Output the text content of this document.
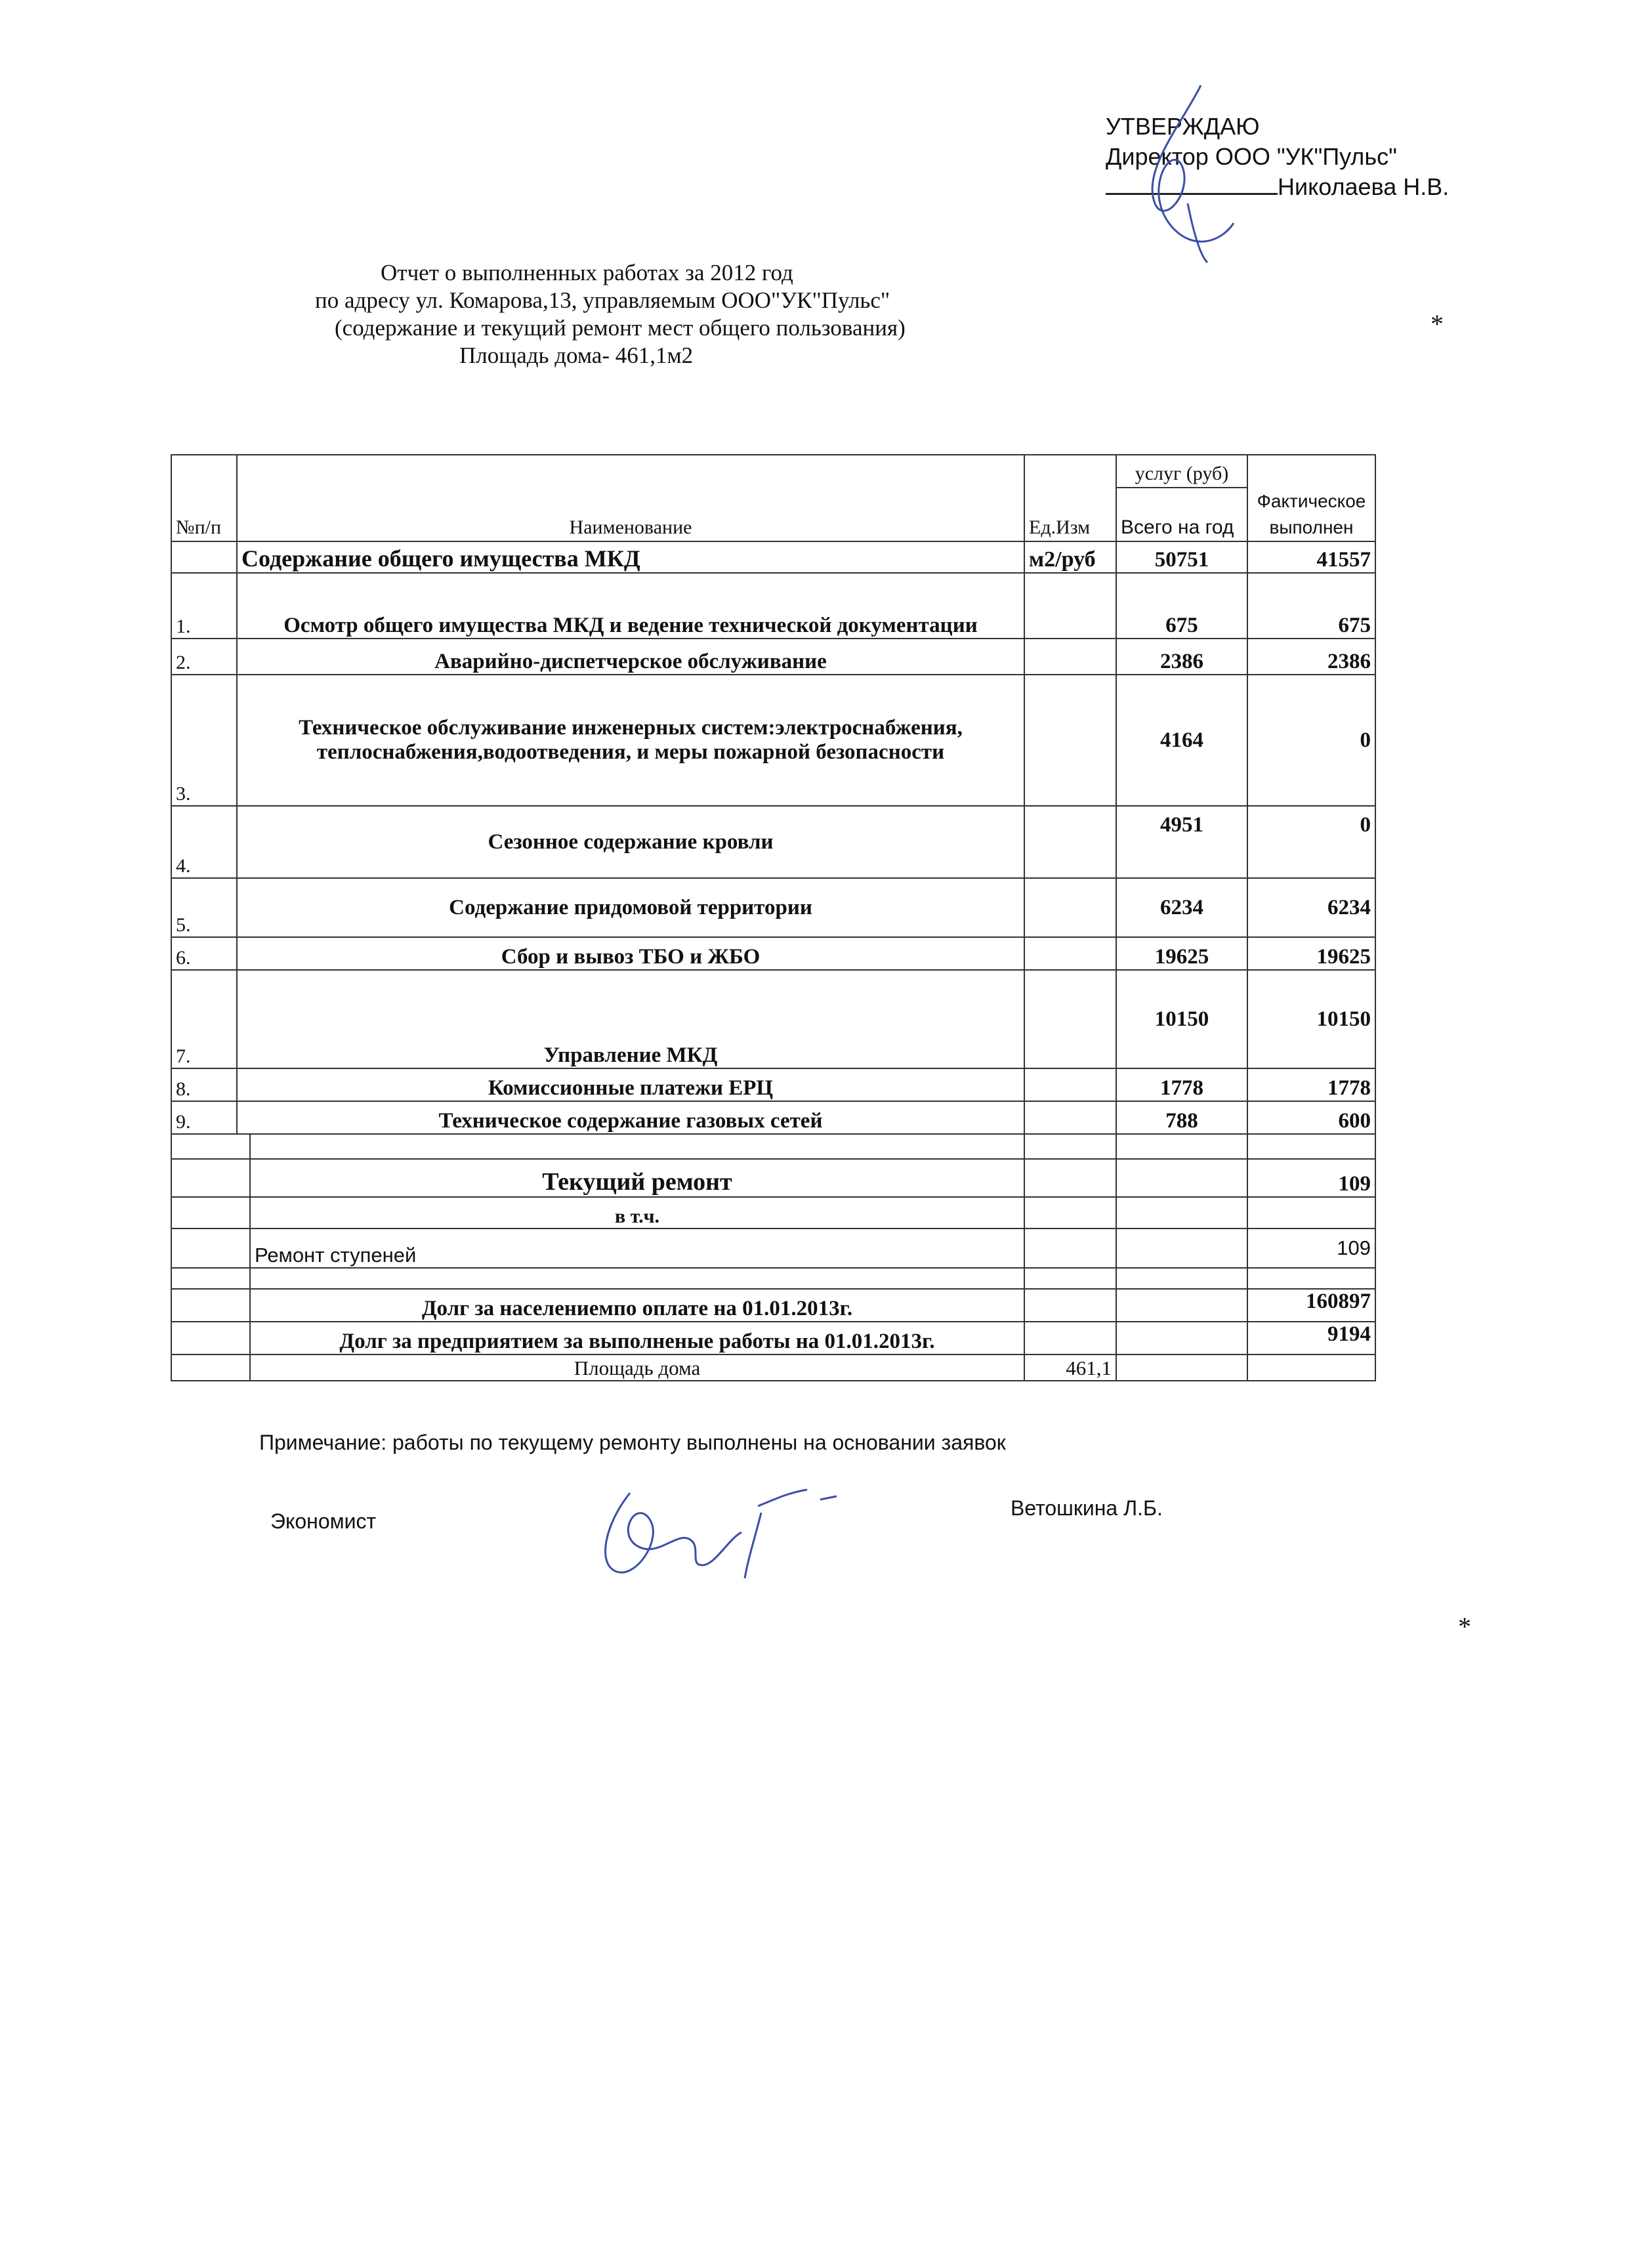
УТВЕРЖДАЮ
Директор ООО "УК"Пульс"
Николаева Н.В.
*
*
Отчет о выполненных работах за 2012 год
по адресу ул. Комарова,13, управляемым ООО"УК"Пульс"
(содержание и текущий ремонт мест общего пользования)
Площадь дома- 461,1м2
№п/п	Наименование		Ед.Изм	услуг (руб)	Фактическое выполнен
				Всего на год	

	Содержание общего имущества МКД		м2/руб	50751	41557
1.	Осмотр общего имущества МКД и ведение технической документации			675	675
2.	Аварийно-диспетчерское обслуживание			2386	2386
3.	Техническое обслуживание инженерных систем:электроснабжения, теплоснабжения,водоотведения, и меры пожарной безопасности			4164	0
4.	Сезонное содержание кровли			4951	0
5.	Содержание придомовой территории			6234	6234
6.	Сбор и вывоз ТБО и ЖБО			19625	19625
7.	Управление МКД			10150	10150
8.	Комиссионные платежи ЕРЦ			1778	1778
9.	Техническое содержание газовых сетей			788	600

		Текущий ремонт			109
		в т.ч.			
		Ремонт ступеней			109

		Долг за населениемпо оплате на 01.01.2013г.			160897
		Долг за предприятием за выполненые работы на 01.01.2013г.			9194
		Площадь дома	461,1		
Примечание: работы по текущему ремонту выполнены на основании заявок
Экономист
Ветошкина Л.Б.
